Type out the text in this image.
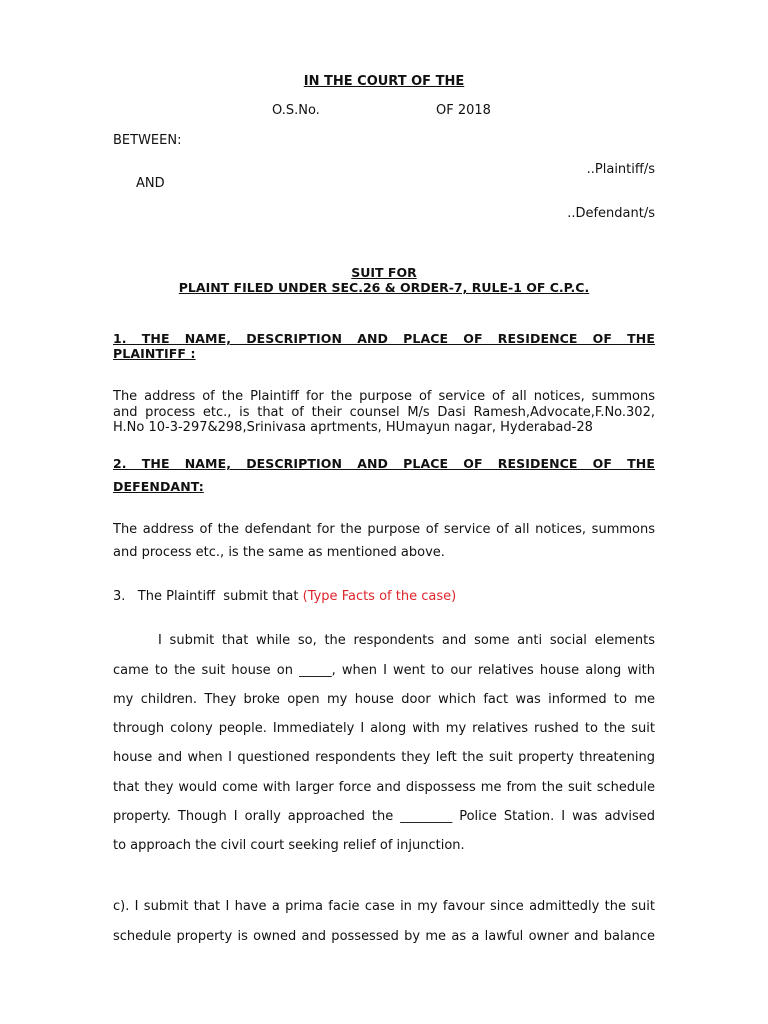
IN THE COURT OF THE
O.S.No.	OF 2018
BETWEEN:
..Plaintiff/s
AND
..Defendant/s
SUIT FOR
PLAINT FILED UNDER SEC.26 & ORDER-7, RULE-1 OF C.P.C.
1. THE NAME, DESCRIPTION AND PLACE OF RESIDENCE OF THE
PLAINTIFF :
The address of the Plaintiff for the purpose of service of all notices, summons
and process etc., is that of their counsel M/s Dasi Ramesh,Advocate,F.No.302,
H.No 10-3-297&298,Srinivasa aprtments, HUmayun nagar, Hyderabad-28
2. THE NAME, DESCRIPTION AND PLACE OF RESIDENCE OF THE
DEFENDANT:
The address of the defendant for the purpose of service of all notices, summons
and process etc., is the same as mentioned above.
3.   The Plaintiff  submit that (Type Facts of the case)
I submit that while so, the respondents and some anti social elements
came to the suit house on _____, when I went to our relatives house along with
my children. They broke open my house door which fact was informed to me
through colony people. Immediately I along with my relatives rushed to the suit
house and when I questioned respondents they left the suit property threatening
that they would come with larger force and dispossess me from the suit schedule
property. Though I orally approached the ________ Police Station. I was advised
to approach the civil court seeking relief of injunction.
c). I submit that I have a prima facie case in my favour since admittedly the suit
schedule property is owned and possessed by me as a lawful owner and balance
